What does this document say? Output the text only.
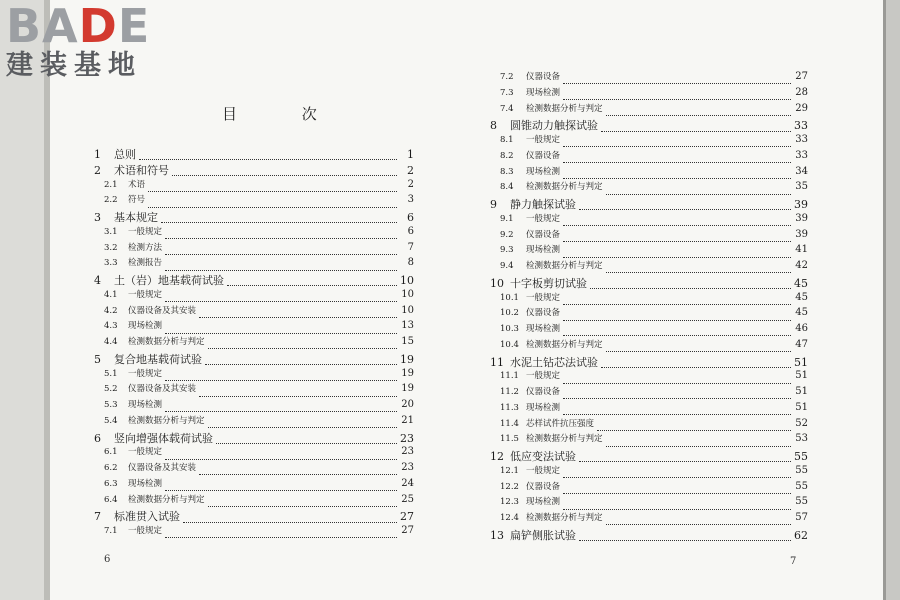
BADE
建装基地
目 次
1	总则	1
2	术语和符号	2
2.1	术语	2
2.2	符号	3
3	基本规定	6
3.1	一般规定	6
3.2	检测方法	7
3.3	检测报告	8
4	土（岩）地基载荷试验	10
4.1	一般规定	10
4.2	仪器设备及其安装	10
4.3	现场检测	13
4.4	检测数据分析与判定	15
5	复合地基载荷试验	19
5.1	一般规定	19
5.2	仪器设备及其安装	19
5.3	现场检测	20
5.4	检测数据分析与判定	21
6	竖向增强体载荷试验	23
6.1	一般规定	23
6.2	仪器设备及其安装	23
6.3	现场检测	24
6.4	检测数据分析与判定	25
7	标准贯入试验	27
7.1	一般规定	27
7.2	仪器设备	27
7.3	现场检测	28
7.4	检测数据分析与判定	29
8	圆锥动力触探试验	33
8.1	一般规定	33
8.2	仪器设备	33
8.3	现场检测	34
8.4	检测数据分析与判定	35
9	静力触探试验	39
9.1	一般规定	39
9.2	仪器设备	39
9.3	现场检测	41
9.4	检测数据分析与判定	42
10 十字板剪切试验	45
10.1 一般规定	45
10.2 仪器设备	45
10.3 现场检测	46
10.4 检测数据分析与判定	47
11 水泥土钻芯法试验	51
11.1 一般规定	51
11.2 仪器设备	51
11.3 现场检测	51
11.4 芯样试件抗压强度	52
11.5 检测数据分析与判定	53
12 低应变法试验	55
12.1 一般规定	55
12.2 仪器设备	55
12.3 现场检测	55
12.4 检测数据分析与判定	57
13 扁铲侧胀试验	62
6	7
